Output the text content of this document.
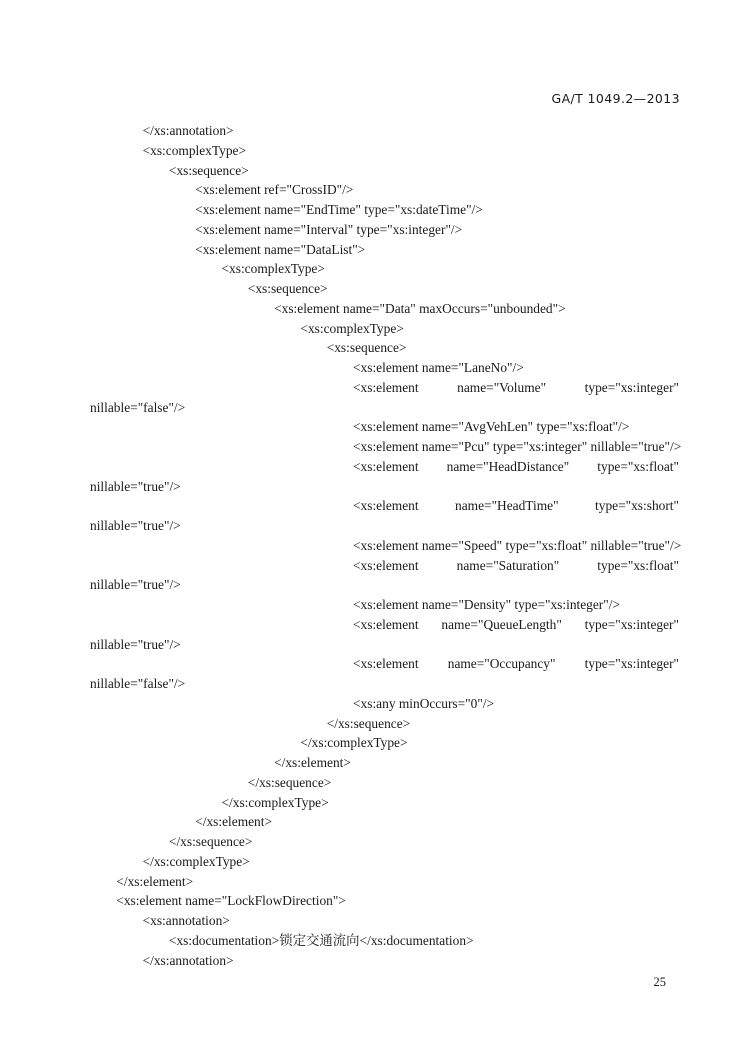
GA/T 1049.2—2013
</xs:annotation>
<xs:complexType>
<xs:sequence>
<xs:element ref="CrossID"/>
<xs:element name="EndTime" type="xs:dateTime"/>
<xs:element name="Interval" type="xs:integer"/>
<xs:element name="DataList">
<xs:complexType>
<xs:sequence>
<xs:element name="Data" maxOccurs="unbounded">
<xs:complexType>
<xs:sequence>
<xs:element name="LaneNo"/>
<xs:element	name="Volume"	type="xs:integer"
nillable="false"/>
<xs:element name="AvgVehLen" type="xs:float"/>
<xs:element name="Pcu" type="xs:integer" nillable="true"/>
<xs:element name="HeadDistance" type="xs:float"
nillable="true"/>
<xs:element	name="HeadTime"	type="xs:short"
nillable="true"/>
<xs:element name="Speed" type="xs:float" nillable="true"/>
<xs:element	name="Saturation"	type="xs:float"
nillable="true"/>
<xs:element name="Density" type="xs:integer"/>
<xs:element name="QueueLength" type="xs:integer"
nillable="true"/>
<xs:element name="Occupancy" type="xs:integer"
nillable="false"/>
<xs:any minOccurs="0"/>
</xs:sequence>
</xs:complexType>
</xs:element>
</xs:sequence>
</xs:complexType>
</xs:element>
</xs:sequence>
</xs:complexType>
</xs:element>
<xs:element name="LockFlowDirection">
<xs:annotation>
<xs:documentation>锁定交通流向</xs:documentation>
</xs:annotation>
25
